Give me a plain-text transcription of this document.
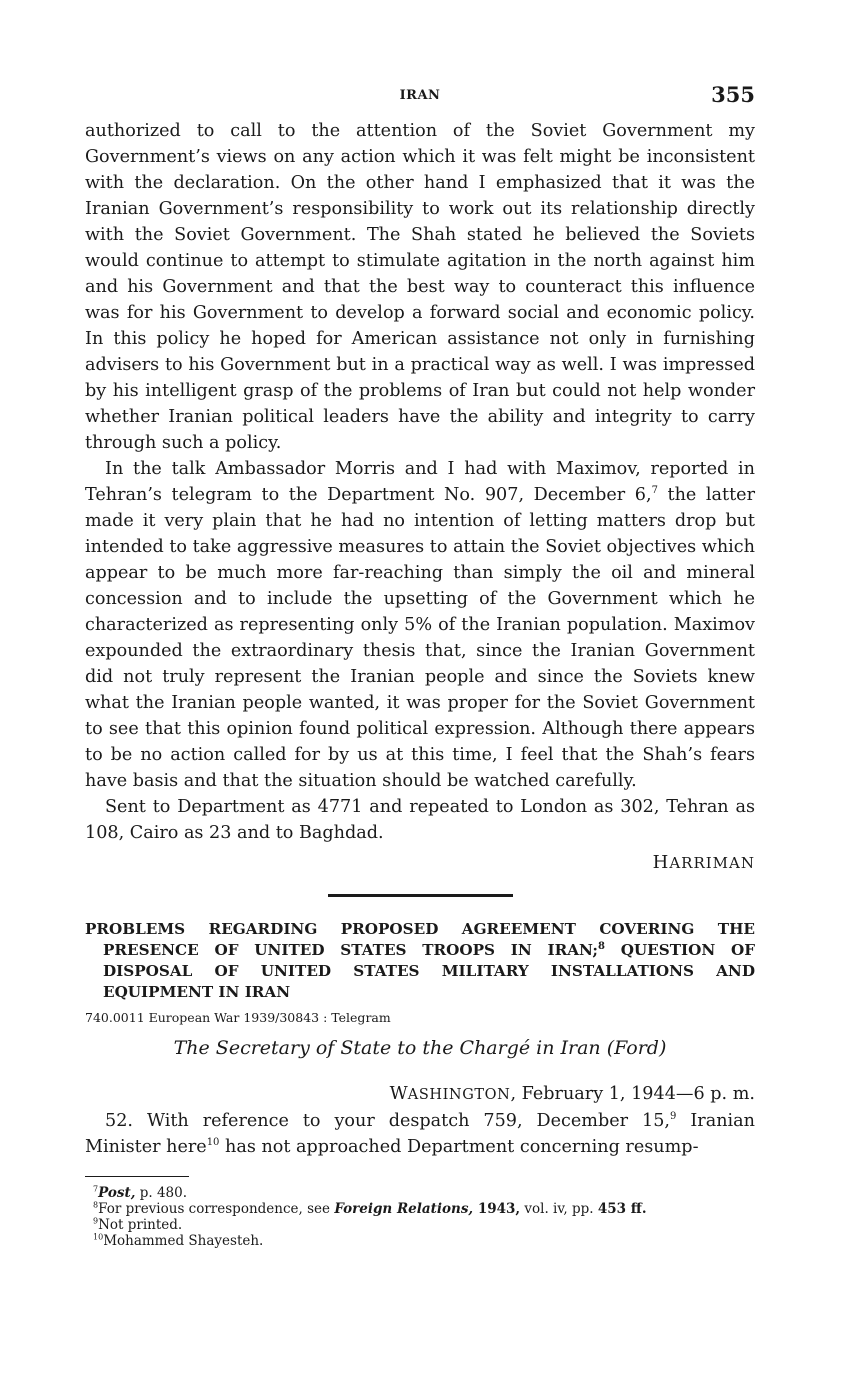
IRAN	355

authorized to call to the attention of the Soviet Government my Government’s views on any action which it was felt might be inconsistent with the declaration. On the other hand I emphasized that it was the Iranian Government’s responsibility to work out its relationship directly with the Soviet Government. The Shah stated he believed the Soviets would continue to attempt to stimulate agitation in the north against him and his Government and that the best way to counteract this influence was for his Government to develop a forward social and economic policy. In this policy he hoped for American assistance not only in furnishing advisers to his Government but in a practical way as well. I was impressed by his intelligent grasp of the problems of Iran but could not help wonder whether Iranian political leaders have the ability and integrity to carry through such a policy.

In the talk Ambassador Morris and I had with Maximov, reported in Tehran’s telegram to the Department No. 907, December 6,$^7$ the latter made it very plain that he had no intention of letting matters drop but intended to take aggressive measures to attain the Soviet objectives which appear to be much more far-reaching than simply the oil and mineral concession and to include the upsetting of the Government which he characterized as representing only 5% of the Iranian population. Maximov expounded the extraordinary thesis that, since the Iranian Government did not truly represent the Iranian people and since the Soviets knew what the Iranian people wanted, it was proper for the Soviet Government to see that this opinion found political expression. Although there appears to be no action called for by us at this time, I feel that the Shah’s fears have basis and that the situation should be watched carefully.

Sent to Department as 4771 and repeated to London as 302, Tehran as 108, Cairo as 23 and to Baghdad.

HARRIMAN

PROBLEMS REGARDING PROPOSED AGREEMENT COVERING THE PRESENCE OF UNITED STATES TROOPS IN IRAN;$^8$ QUESTION OF DISPOSAL OF UNITED STATES MILITARY INSTALLATIONS AND EQUIPMENT IN IRAN

740.0011 European War 1939/30843 : Telegram
The Secretary of State to the Chargé in Iran (Ford)
WASHINGTON, February 1, 1944—6 p. m.

52. With reference to your despatch 759, December 15,$^9$ Iranian Minister here$^{10}$ has not approached Department concerning resump-

$^7$Post, p. 480.

$^8$For previous correspondence, see Foreign Relations, 1943, vol. iv, pp. 453 ff.

$^9$Not printed.

$^{10}$Mohammed Shayesteh.
